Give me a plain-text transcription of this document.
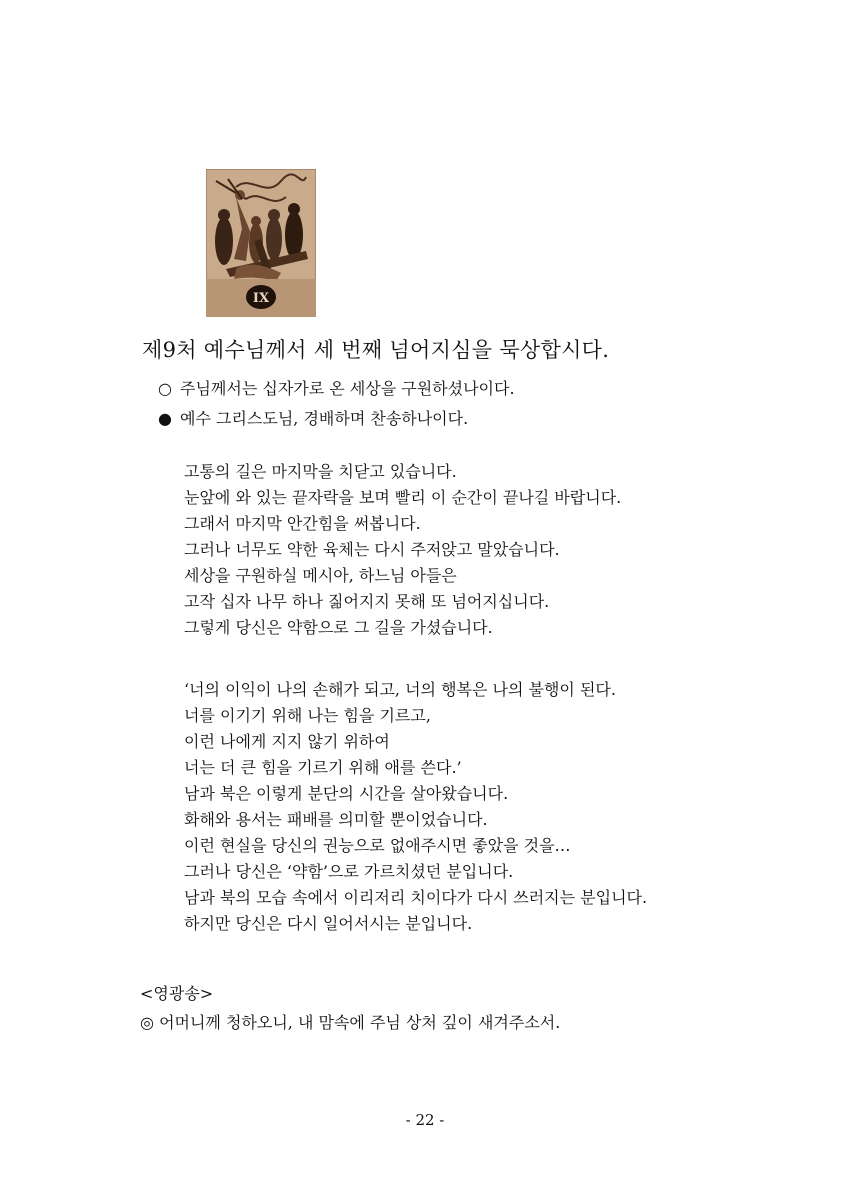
IX
제9처 예수님께서 세 번째 넘어지심을 묵상합시다.
○ 주님께서는 십자가로 온 세상을 구원하셨나이다.
● 예수 그리스도님, 경배하며 찬송하나이다.
고통의 길은 마지막을 치닫고 있습니다.
눈앞에 와 있는 끝자락을 보며 빨리 이 순간이 끝나길 바랍니다.
그래서 마지막 안간힘을 써봅니다.
그러나 너무도 약한 육체는 다시 주저앉고 말았습니다.
세상을 구원하실 메시아, 하느님 아들은
고작 십자 나무 하나 짊어지지 못해 또 넘어지십니다.
그렇게 당신은 약함으로 그 길을 가셨습니다.
‘너의 이익이 나의 손해가 되고, 너의 행복은 나의 불행이 된다.
너를 이기기 위해 나는 힘을 기르고,
이런 나에게 지지 않기 위하여
너는 더 큰 힘을 기르기 위해 애를 쓴다.’
남과 북은 이렇게 분단의 시간을 살아왔습니다.
화해와 용서는 패배를 의미할 뿐이었습니다.
이런 현실을 당신의 권능으로 없애주시면 좋았을 것을…
그러나 당신은 ‘약함’으로 가르치셨던 분입니다.
남과 북의 모습 속에서 이리저리 치이다가 다시 쓰러지는 분입니다.
하지만 당신은 다시 일어서시는 분입니다.
<영광송>
◎ 어머니께 청하오니, 내 맘속에 주님 상처 깊이 새겨주소서.
- 22 -
